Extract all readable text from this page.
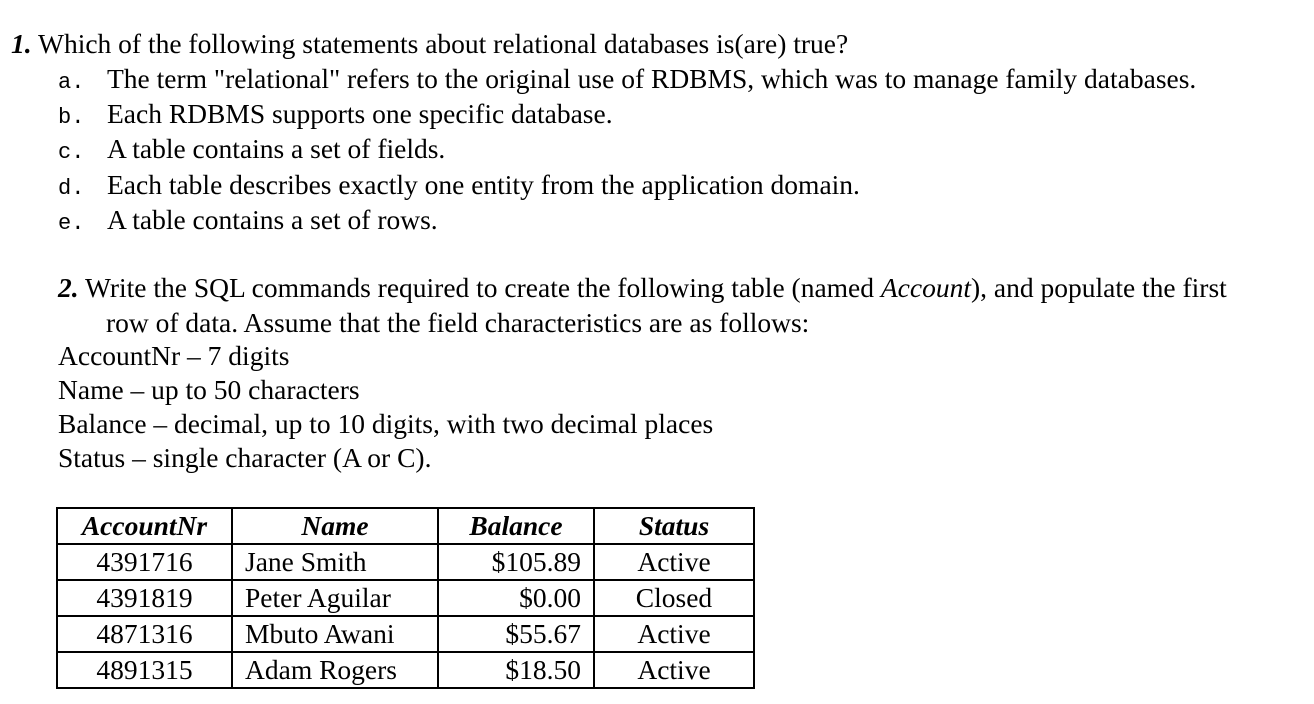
1. Which of the following statements about relational databases is(are) true?
a. The term "relational" refers to the original use of RDBMS, which was to manage family databases.
b. Each RDBMS supports one specific database.
c. A table contains a set of fields.
d. Each table describes exactly one entity from the application domain.
e. A table contains a set of rows.
2. Write the SQL commands required to create the following table (named Account), and populate the first
row of data. Assume that the field characteristics are as follows:
AccountNr – 7 digits
Name – up to 50 characters
Balance – decimal, up to 10 digits, with two decimal places
Status – single character (A or C).
AccountNr	Name	Balance	Status
4391716	Jane Smith	$105.89	Active
4391819	Peter Aguilar	$0.00	Closed
4871316	Mbuto Awani	$55.67	Active
4891315	Adam Rogers	$18.50	Active
